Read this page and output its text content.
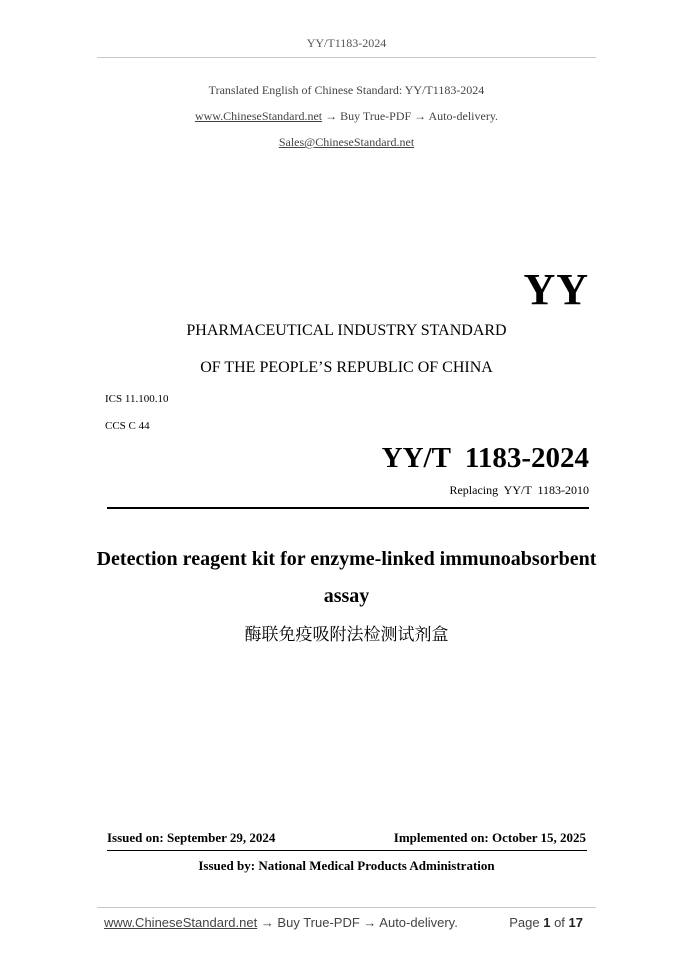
YY/T1183-2024
Translated English of Chinese Standard: YY/T1183-2024
www.ChineseStandard.net → Buy True-PDF → Auto-delivery.
Sales@ChineseStandard.net
YY
PHARMACEUTICAL INDUSTRY STANDARD
OF THE PEOPLE’S REPUBLIC OF CHINA
ICS 11.100.10
CCS C 44
YY/T  1183-2024
Replacing  YY/T  1183-2010
Detection reagent kit for enzyme-linked immunoabsorbent
assay
酶联免疫吸附法检测试剂盒
Issued on: September 29, 2024	Implemented on: October 15, 2025
Issued by: National Medical Products Administration
www.ChineseStandard.net → Buy True-PDF → Auto-delivery.	Page 1 of 17
